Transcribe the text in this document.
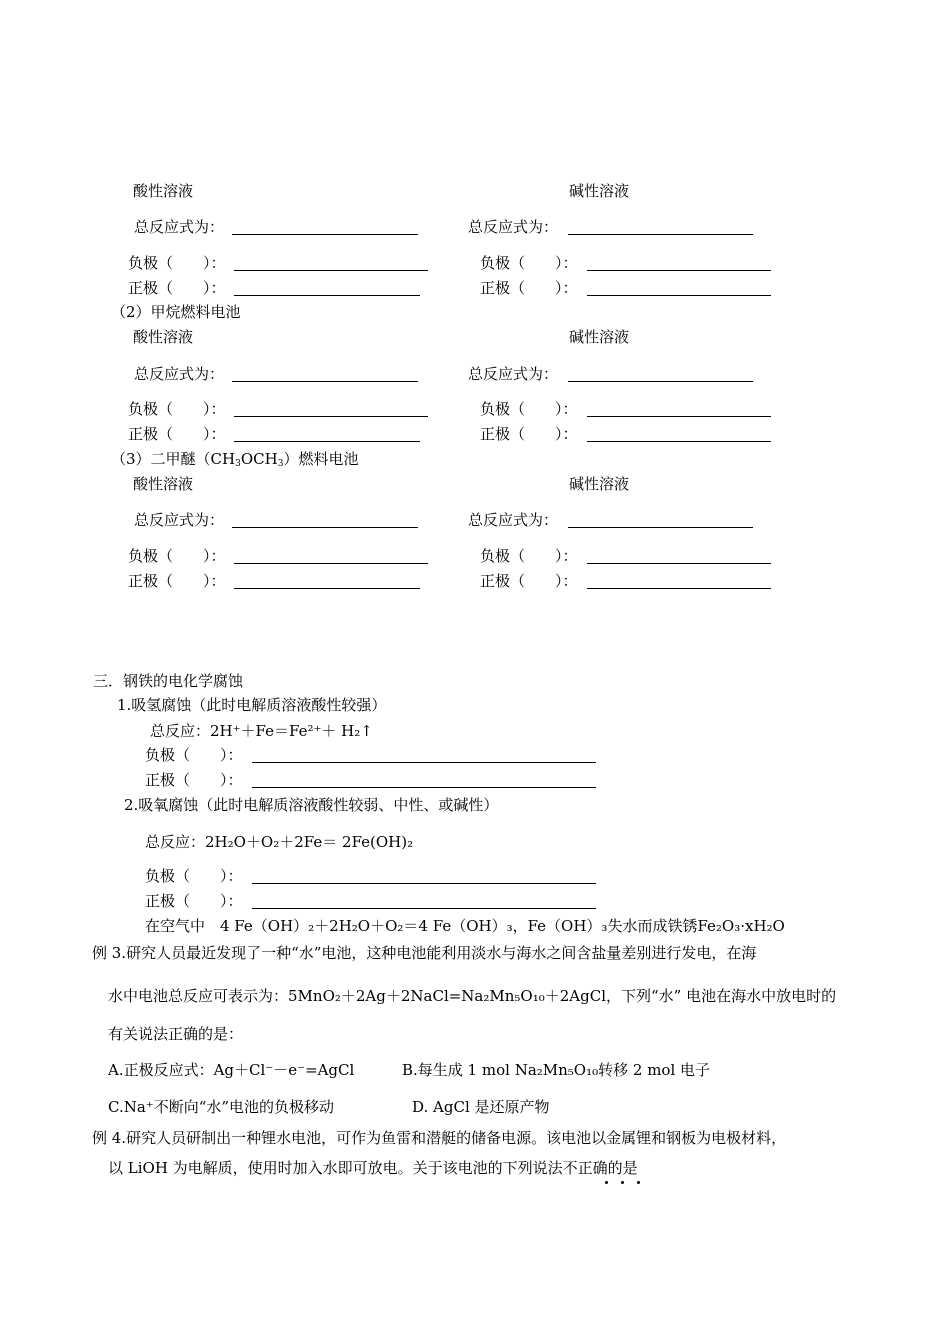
酸性溶液	碱性溶液
总反应式为：	总反应式为：
负极（　　）：	负极（　　）：
正极（　　）：	正极（　　）：
（2）甲烷燃料电池
酸性溶液	碱性溶液
总反应式为：	总反应式为：
负极（　　）：	负极（　　）：
正极（　　）：	正极（　　）：
（3）二甲醚$(CH_3OCH_3)$燃料电池
酸性溶液	碱性溶液
总反应式为：	总反应式为：
负极（　　）：	负极（　　）：
正极（　　）：	正极（　　）：
三．钢铁的电化学腐蚀
1.吸氢腐蚀（此时电解质溶液酸性较强）
总反应：2H⁺＋Fe＝Fe²⁺＋ H₂↑
负极（　　）：
正极（　　）：
2.吸氧腐蚀（此时电解质溶液酸性较弱、中性、或碱性）
总反应：2H₂O＋O₂＋2Fe＝ 2Fe(OH)₂
负极（　　）：
正极（　　）：
在空气中　4 Fe（OH）₂＋2H₂O＋O₂＝4 Fe（OH）₃，Fe（OH）₃失水而成铁锈Fe₂O₃·xH₂O
例 3.研究人员最近发现了一种“水”电池，这种电池能利用淡水与海水之间含盐量差别进行发电，在海
水中电池总反应可表示为：5MnO₂＋2Ag＋2NaCl=Na₂Mn₅O₁₀＋2AgCl，下列“水” 电池在海水中放电时的
有关说法正确的是：
A.正极反应式：Ag＋Cl⁻－e⁻=AgCl	B.每生成 1 mol Na₂Mn₅O₁₀转移 2 mol 电子
C.Na⁺不断向“水”电池的负极移动	D. AgCl 是还原产物
例 4.研究人员研制出一种锂水电池，可作为鱼雷和潜艇的储备电源。该电池以金属锂和钢板为电极材料，
以 LiOH 为电解质，使用时加入水即可放电。关于该电池的下列说法不正确的是
